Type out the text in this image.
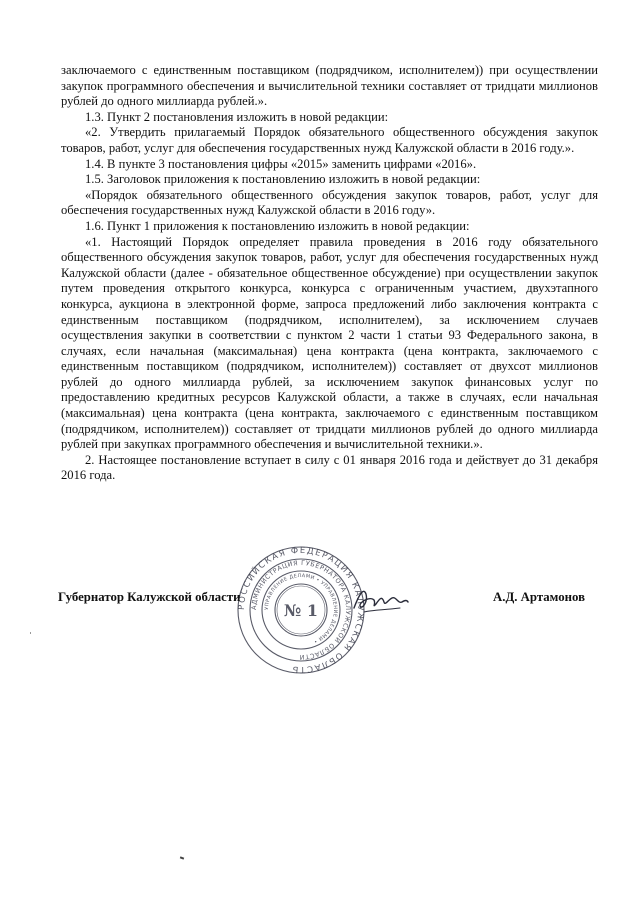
заключаемого с единственным поставщиком (подрядчиком, исполнителем)) при осуществлении закупок программного обеспечения и вычислительной техники составляет от тридцати миллионов рублей до одного миллиарда рублей.».

1.3. Пункт 2 постановления изложить в новой редакции:

«2. Утвердить прилагаемый Порядок обязательного общественного обсуждения закупок товаров, работ, услуг для обеспечения государственных нужд Калужской области в 2016 году.».

1.4. В пункте 3 постановления цифры «2015» заменить цифрами «2016».

1.5. Заголовок приложения к постановлению изложить в новой редакции:

«Порядок обязательного общественного обсуждения закупок товаров, работ, услуг для обеспечения государственных нужд Калужской области в 2016 году».

1.6. Пункт 1 приложения к постановлению изложить в новой редакции:

«1. Настоящий Порядок определяет правила проведения в 2016 году обязательного общественного обсуждения закупок товаров, работ, услуг для обеспечения государственных нужд Калужской области (далее - обязательное общественное обсуждение) при осуществлении закупок путем проведения открытого конкурса, конкурса с ограниченным участием, двухэтапного конкурса, аукциона в электронной форме, запроса предложений либо заключения контракта с единственным поставщиком (подрядчиком, исполнителем), за исключением случаев осуществления закупки в соответствии с пунктом 2 части 1 статьи 93 Федерального закона, в случаях, если начальная (максимальная) цена контракта (цена контракта, заключаемого с единственным поставщиком (подрядчиком, исполнителем)) составляет от двухсот миллионов рублей до одного миллиарда рублей, за исключением закупок финансовых услуг по предоставлению кредитных ресурсов Калужской области, а также в случаях, если начальная (максимальная) цена контракта (цена контракта, заключаемого с единственным поставщиком (подрядчиком, исполнителем)) составляет от тридцати миллионов рублей до одного миллиарда рублей при закупках программного обеспечения и вычислительной техники.».

2. Настоящее постановление вступает в силу с 01 января 2016 года и действует до 31 декабря 2016 года.

РОССИЙСКАЯ ФЕДЕРАЦИЯ КАЛУЖСКАЯ ОБЛАСТЬ
АДМИНИСТРАЦИЯ ГУБЕРНАТОРА КАЛУЖСКОЙ ОБЛАСТИ
УПРАВЛЕНИЕ ДЕЛАМИ • УПРАВЛЕНИЕ ДЕЛАМИ •
№ 1
Губернатор Калужской области	А.Д. Артамонов
